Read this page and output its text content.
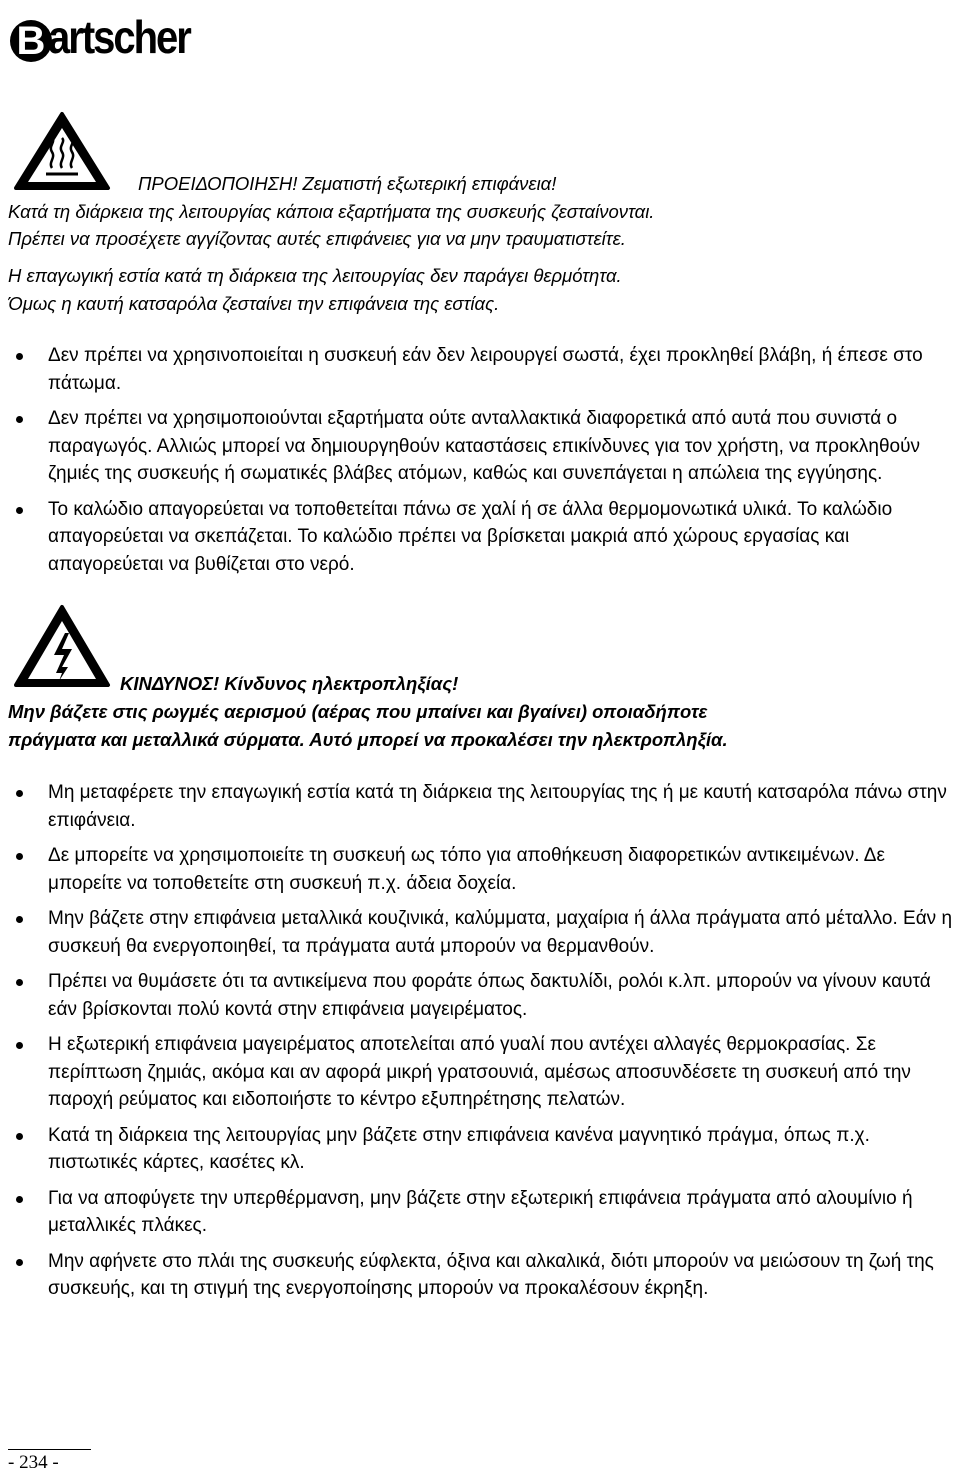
B artscher
ΠΡΟΕΙΔΟΠΟΙΗΣΗ! Ζεματιστή εξωτερική επιφάνεια!
Κατά τη διάρκεια της λειτουργίας κάποια εξαρτήματα της συσκευής ζεσταίνονται.
Πρέπει να προσέχετε αγγίζοντας αυτές επιφάνειες για να μην τραυματιστείτε.
Η επαγωγική εστία κατά τη διάρκεια της λειτουργίας δεν παράγει θερμότητα.
Όμως η καυτή κατσαρόλα ζεσταίνει την επιφάνεια της εστίας.
Δεν πρέπει να χρησινοποιείται η συσκευή εάν δεν λειρουργεί σωστά, έχει προκληθεί βλάβη, ή έπεσε στο πάτωμα.
Δεν πρέπει να χρησιμοποιούνται εξαρτήματα ούτε ανταλλακτικά διαφορετικά από αυτά που συνιστά ο παραγωγός. Αλλιώς μπορεί να δημιουργηθούν καταστάσεις επικίνδυνες για τον χρήστη, να προκληθούν ζημιές της συσκευής ή σωματικές βλάβες ατόμων, καθώς και συνεπάγεται η απώλεια της εγγύησης.
Το καλώδιο απαγορεύεται να τοποθετείται πάνω σε χαλί ή σε άλλα θερμομονωτικά υλικά. Το καλώδιο απαγορεύεται να σκεπάζεται. Το καλώδιο πρέπει να βρίσκεται μακριά από χώρους εργασίας και απαγορεύεται να βυθίζεται στο νερό.
ΚΙΝΔΥΝΟΣ! Κίνδυνος ηλεκτροπληξίας!
Μην βάζετε στις ρωγμές αερισμού (αέρας που μπαίνει και βγαίνει) οποιαδήποτε
πράγματα και μεταλλικά σύρματα. Αυτό μπορεί να προκαλέσει την ηλεκτροπληξία.
Μη μεταφέρετε την επαγωγική εστία κατά τη διάρκεια της λειτουργίας της ή με καυτή κατσαρόλα πάνω στην επιφάνεια.
Δε μπορείτε να χρησιμοποιείτε τη συσκευή ως τόπο για αποθήκευση διαφορετικών αντικειμένων. Δε μπορείτε να τοποθετείτε στη συσκευή π.χ. άδεια δοχεία.
Μην βάζετε στην επιφάνεια μεταλλικά κουζινικά, καλύμματα, μαχαίρια ή άλλα πράγματα από μέταλλο. Εάν η συσκευή θα ενεργοποιηθεί, τα πράγματα αυτά μπορούν να θερμανθούν.
Πρέπει να θυμάσετε ότι τα αντικείμενα που φοράτε όπως δακτυλίδι, ρολόι κ.λπ. μπορούν να γίνουν καυτά εάν βρίσκονται πολύ κοντά στην επιφάνεια μαγειρέματος.
Η εξωτερική επιφάνεια μαγειρέματος αποτελείται από γυαλί που αντέχει αλλαγές θερμοκρασίας. Σε περίπτωση ζημιάς, ακόμα και αν αφορά μικρή γρατσουνιά, αμέσως αποσυνδέσετε τη συσκευή από την παροχή ρεύματος και ειδοποιήστε το κέντρο εξυπηρέτησης πελατών.
Κατά τη διάρκεια της λειτουργίας μην βάζετε στην επιφάνεια κανένα μαγνητικό πράγμα, όπως π.χ. πιστωτικές κάρτες, κασέτες κλ.
Για να αποφύγετε την υπερθέρμανση, μην βάζετε στην εξωτερική επιφάνεια πράγματα από αλουμίνιο ή μεταλλικές πλάκες.
Μην αφήνετε στο πλάι της συσκευής εύφλεκτα, όξινα και αλκαλικά, διότι μπορούν να μειώσουν τη ζωή της συσκευής, και τη στιγμή της ενεργοποίησης μπορούν να προκαλέσουν έκρηξη.
- 234 -
